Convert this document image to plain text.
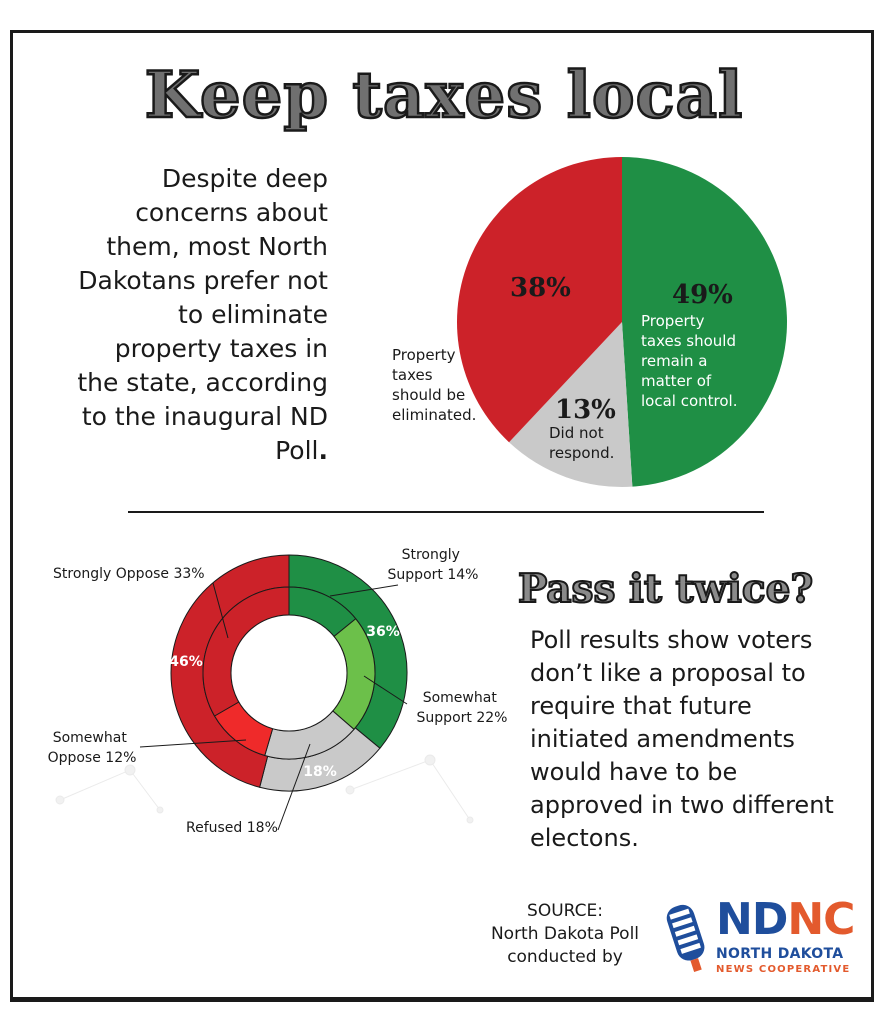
Keep taxes local
Despite deep concerns about them, most North Dakotans prefer not to eliminate property taxes in the state, according to the inaugural ND Poll.
49%
38%
13%
Property taxes should remain a matter of local control.
Property taxes should be eliminated.
Did not respond.
Strongly Support 14%
Strongly Oppose 33%
Somewhat Support 22%
Somewhat Oppose 12%
Refused 18%
36%
46%
18%
Pass it twice?
Poll results show voters don’t like a proposal to require that future initiated amendments would have to be approved in two different electons.
SOURCE:
North Dakota Poll
conducted by
NDNC
NORTH DAKOTA
NEWS COOPERATIVE
